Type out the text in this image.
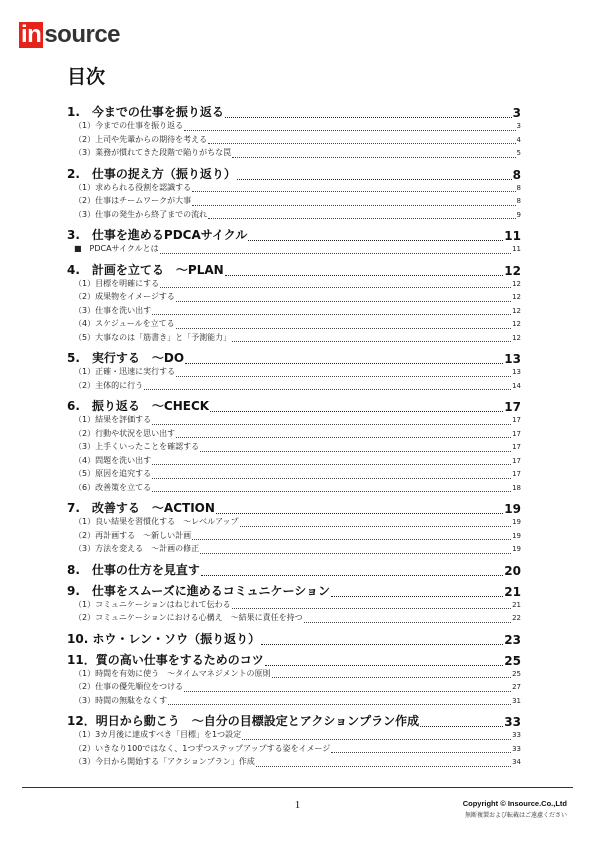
in source
目次
1.　今までの仕事を振り返る	3
（1）今までの仕事を振り返る	3
（2）上司や先輩からの期待を考える	4
（3）業務が慣れてきた段階で陥りがちな罠	5
2.　仕事の捉え方（振り返り）	8
（1）求められる役割を認識する	8
（2）仕事はチームワークが大事	8
（3）仕事の発生から終了までの流れ	9
3.　仕事を進めるPDCAサイクル	11
■　PDCAサイクルとは	11
4.　計画を立てる　～PLAN	12
（1）目標を明確にする	12
（2）成果物をイメージする	12
（3）仕事を洗い出す	12
（4）スケジュールを立てる	12
（5）大事なのは「筋書き」と「予測能力」	12
5.　実行する　～DO	13
（1）正確・迅速に実行する	13
（2）主体的に行う	14
6.　振り返る　～CHECK	17
（1）結果を評価する	17
（2）行動や状況を思い出す	17
（3）上手くいったことを確認する	17
（4）問題を洗い出す	17
（5）原因を追究する	17
（6）改善策を立てる	18
7.　改善する　～ACTION	19
（1）良い結果を習慣化する　～レベルアップ	19
（2）再計画する　～新しい計画	19
（3）方法を変える　～計画の修正	19
8.　仕事の仕方を見直す	20
9.　仕事をスムーズに進めるコミュニケーション	21
（1）コミュニケーションはねじれて伝わる	21
（2）コミュニケーションにおける心構え　～結果に責任を持つ	22
10. ホウ・レン・ソウ（振り返り）	23
11．質の高い仕事をするためのコツ	25
（1）時間を有効に使う　～タイムマネジメントの原則	25
（2）仕事の優先順位をつける	27
（3）時間の無駄をなくす	31
12．明日から動こう　～自分の目標設定とアクションプラン作成	33
（1）3カ月後に達成すべき「目標」を1つ設定	33
（2）いきなり100ではなく、1つずつステップアップする姿をイメージ	33
（3）今日から開始する「アクションプラン」作成	34
1	Copyright © Insource.Co.,Ltd
無断複製および転載はご遠慮ください
